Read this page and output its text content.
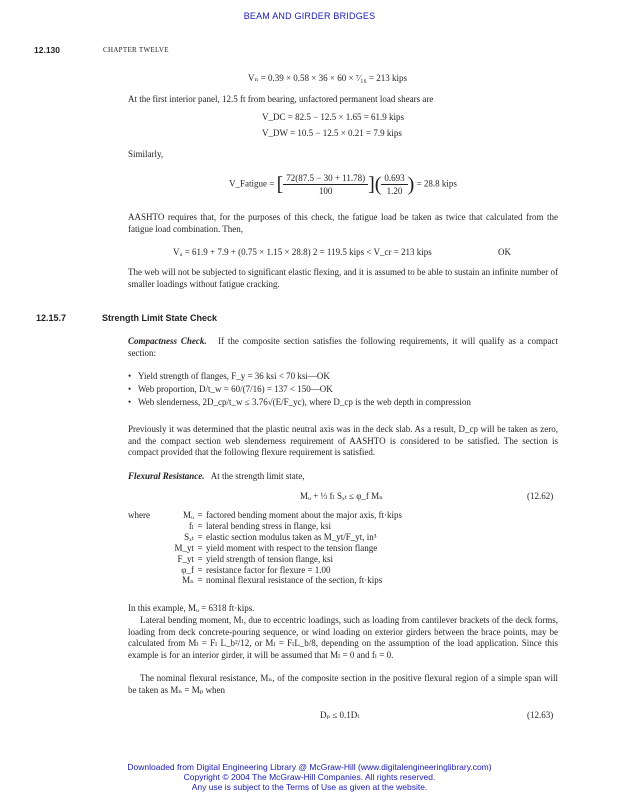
BEAM AND GIRDER BRIDGES
12.130	CHAPTER TWELVE
Vₙ = 0.39 × 0.58 × 36 × 60 × ⁷⁄₁₆ = 213 kips
At the first interior panel, 12.5 ft from bearing, unfactored permanent load shears are
V_DC = 82.5 − 12.5 × 1.65 = 61.9 kips
V_DW = 10.5 − 12.5 × 0.21 = 7.9 kips
Similarly,
V_Fatigue = [ $\frac{72(87.5 - 30 + 11.78)}{100}$ ]( $\frac{0.693}{1.20}$ ) = 28.8 kips
AASHTO requires that, for the purposes of this check, the fatigue load be taken as twice that calculated from the fatigue load combination. Then,
Vᵤ = 61.9 + 7.9 + (0.75 × 1.15 × 28.8) 2 = 119.5 kips < V_cr = 213 kips	OK
The web will not be subjected to significant elastic flexing, and it is assumed to be able to sustain an infinite number of smaller loadings without fatigue cracking.
12.15.7	Strength Limit State Check
Compactness Check. If the composite section satisfies the following requirements, it will qualify as a compact section:
• Yield strength of flanges, F_y = 36 ksi < 70 ksi—OK
• Web proportion, D/t_w = 60/(7/16) = 137 < 150—OK
• Web slenderness, 2D_cp/t_w ≤ 3.76√(E/F_yc), where D_cp is the web depth in compression
Previously it was determined that the plastic neutral axis was in the deck slab. As a result, D_cp will be taken as zero, and the compact section web slenderness requirement of AASHTO is considered to be satisfied. The section is compact provided that the following flexure requirement is satisfied.
Flexural Resistance. At the strength limit state,
Mᵤ + ⅓ fₗ Sₓₜ ≤ φ_f Mₙ	(12.62)
where	Mᵤ = factored bending moment about the major axis, ft·kips
fₗ = lateral bending stress in flange, ksi
Sₓₜ = elastic section modulus taken as M_yt/F_yt, in³
M_yt = yield moment with respect to the tension flange
F_yt = yield strength of tension flange, ksi
φ_f = resistance factor for flexure = 1.00
Mₙ = nominal flexural resistance of the section, ft·kips
In this example, Mᵤ = 6318 ft·kips.
Lateral bending moment, Mₗ, due to eccentric loadings, such as loading from cantilever brackets of the deck forms, loading from deck concrete-pouring sequence, or wind loading on exterior girders between the brace points, may be calculated from Mₗ = Fₗ L_b²/12, or Mₗ = FₗL_b/8, depending on the assumption of the load application. Since this example is for an interior girder, it will be assumed that Mₗ = 0 and fₗ = 0.
The nominal flexural resistance, Mₙ, of the composite section in the positive flexural region of a simple span will be taken as Mₙ = Mₚ when
Dₚ ≤ 0.1Dₜ	(12.63)
Downloaded from Digital Engineering Library @ McGraw-Hill (www.digitalengineeringlibrary.com)
Copyright © 2004 The McGraw-Hill Companies. All rights reserved.
Any use is subject to the Terms of Use as given at the website.
